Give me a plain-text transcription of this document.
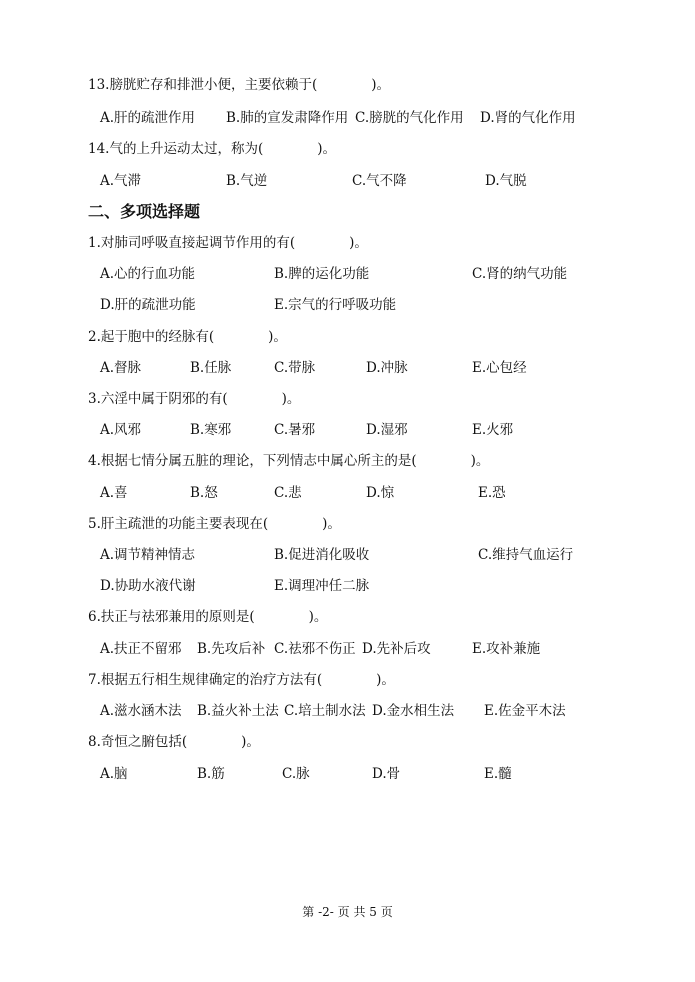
13.膀胱贮存和排泄小便，主要依赖于(　　　　)。
A.肝的疏泄作用 B.肺的宣发肃降作用 C.膀胱的气化作用 D.肾的气化作用
14.气的上升运动太过，称为(　　　　)。
A.气滞	B.气逆	C.气不降	D.气脱
二、多项选择题
1.对肺司呼吸直接起调节作用的有(　　　　)。
A.心的行血功能	B.脾的运化功能	C.肾的纳气功能
D.肝的疏泄功能	E.宗气的行呼吸功能
2.起于胞中的经脉有(　　　　)。
A.督脉	B.任脉	C.带脉	D.冲脉	E.心包经
3.六淫中属于阴邪的有(　　　　)。
A.风邪	B.寒邪	C.暑邪	D.湿邪	E.火邪
4.根据七情分属五脏的理论，下列情志中属心所主的是(　　　　)。
A.喜	B.怒	C.悲	D.惊	E.恐
5.肝主疏泄的功能主要表现在(　　　　)。
A.调节精神情志	B.促进消化吸收	C.维持气血运行
D.协助水液代谢	E.调理冲任二脉
6.扶正与祛邪兼用的原则是(　　　　)。
A.扶正不留邪 B.先攻后补 C.祛邪不伤正 D.先补后攻	E.攻补兼施
7.根据五行相生规律确定的治疗方法有(　　　　)。
A.滋水涵木法 B.益火补土法 C.培土制水法 D.金水相生法 E.佐金平木法
8.奇恒之腑包括(　　　　)。
A.脑	B.筋	C.脉	D.骨	E.髓
第 -2- 页 共 5 页
